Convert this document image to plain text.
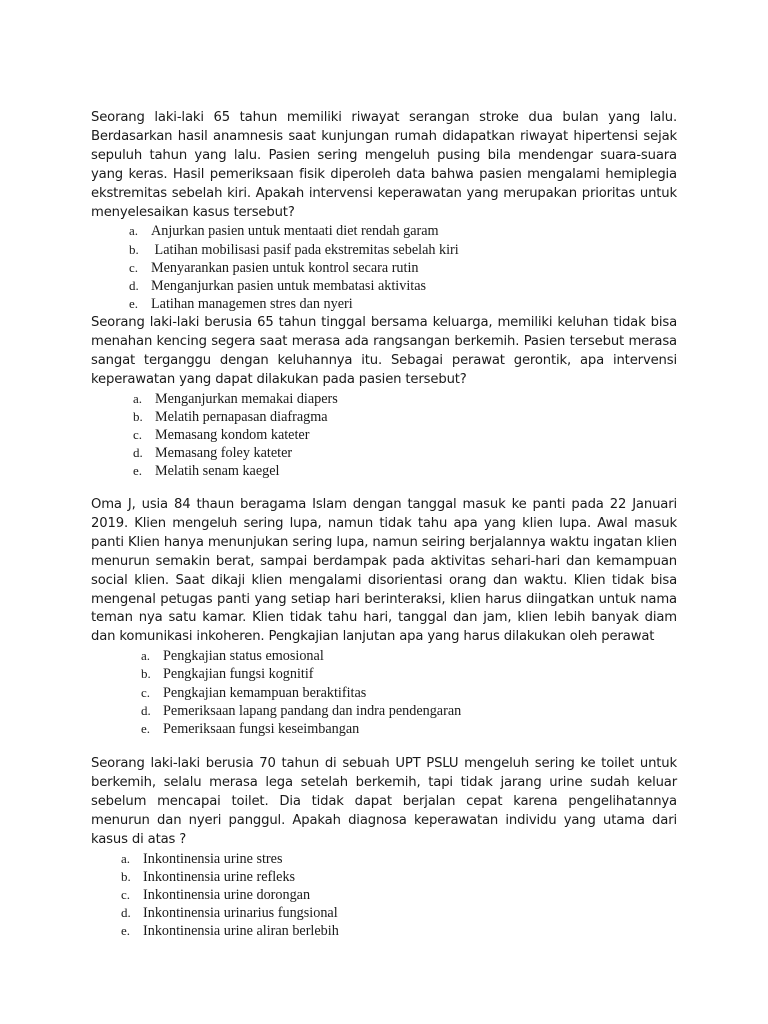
Seorang laki-laki 65 tahun memiliki riwayat serangan stroke dua bulan yang lalu. Berdasarkan hasil anamnesis saat kunjungan rumah didapatkan riwayat hipertensi sejak sepuluh tahun yang lalu. Pasien sering mengeluh pusing bila mendengar suara-suara yang keras. Hasil pemeriksaan fisik diperoleh data bahwa pasien mengalami hemiplegia ekstremitas sebelah kiri. Apakah intervensi keperawatan yang merupakan prioritas untuk menyelesaikan kasus tersebut?

a. Anjurkan pasien untuk mentaati diet rendah garam
b. Latihan mobilisasi pasif pada ekstremitas sebelah kiri
c. Menyarankan pasien untuk kontrol secara rutin
d. Menganjurkan pasien untuk membatasi aktivitas
e. Latihan managemen stres dan nyeri

Seorang laki-laki berusia 65 tahun tinggal bersama keluarga, memiliki keluhan tidak bisa menahan kencing segera saat merasa ada rangsangan berkemih. Pasien tersebut merasa sangat terganggu dengan keluhannya itu. Sebagai perawat gerontik, apa intervensi keperawatan yang dapat dilakukan pada pasien tersebut?

a. Menganjurkan memakai diapers
b. Melatih pernapasan diafragma
c. Memasang kondom kateter
d. Memasang foley kateter
e. Melatih senam kaegel

Oma J, usia 84 thaun beragama Islam dengan tanggal masuk ke panti pada 22 Januari 2019. Klien mengeluh sering lupa, namun tidak tahu apa yang klien lupa. Awal masuk panti Klien hanya menunjukan sering lupa, namun seiring berjalannya waktu ingatan klien menurun semakin berat, sampai berdampak pada aktivitas sehari-hari dan kemampuan social klien. Saat dikaji klien mengalami disorientasi orang dan waktu. Klien tidak bisa mengenal petugas panti yang setiap hari berinteraksi, klien harus diingatkan untuk nama teman nya satu kamar. Klien tidak tahu hari, tanggal dan jam, klien lebih banyak diam dan komunikasi inkoheren. Pengkajian lanjutan apa yang harus dilakukan oleh perawat

a. Pengkajian status emosional
b. Pengkajian fungsi kognitif
c. Pengkajian kemampuan beraktifitas
d. Pemeriksaan lapang pandang dan indra pendengaran
e. Pemeriksaan fungsi keseimbangan

Seorang laki-laki berusia 70 tahun di sebuah UPT PSLU mengeluh sering ke toilet untuk berkemih, selalu merasa lega setelah berkemih, tapi tidak jarang urine sudah keluar sebelum mencapai toilet. Dia tidak dapat berjalan cepat karena pengelihatannya menurun dan nyeri panggul. Apakah diagnosa keperawatan individu yang utama dari kasus di atas ?

a. Inkontinensia urine stres
b. Inkontinensia urine refleks
c. Inkontinensia urine dorongan
d. Inkontinensia urinarius fungsional
e. Inkontinensia urine aliran berlebih
